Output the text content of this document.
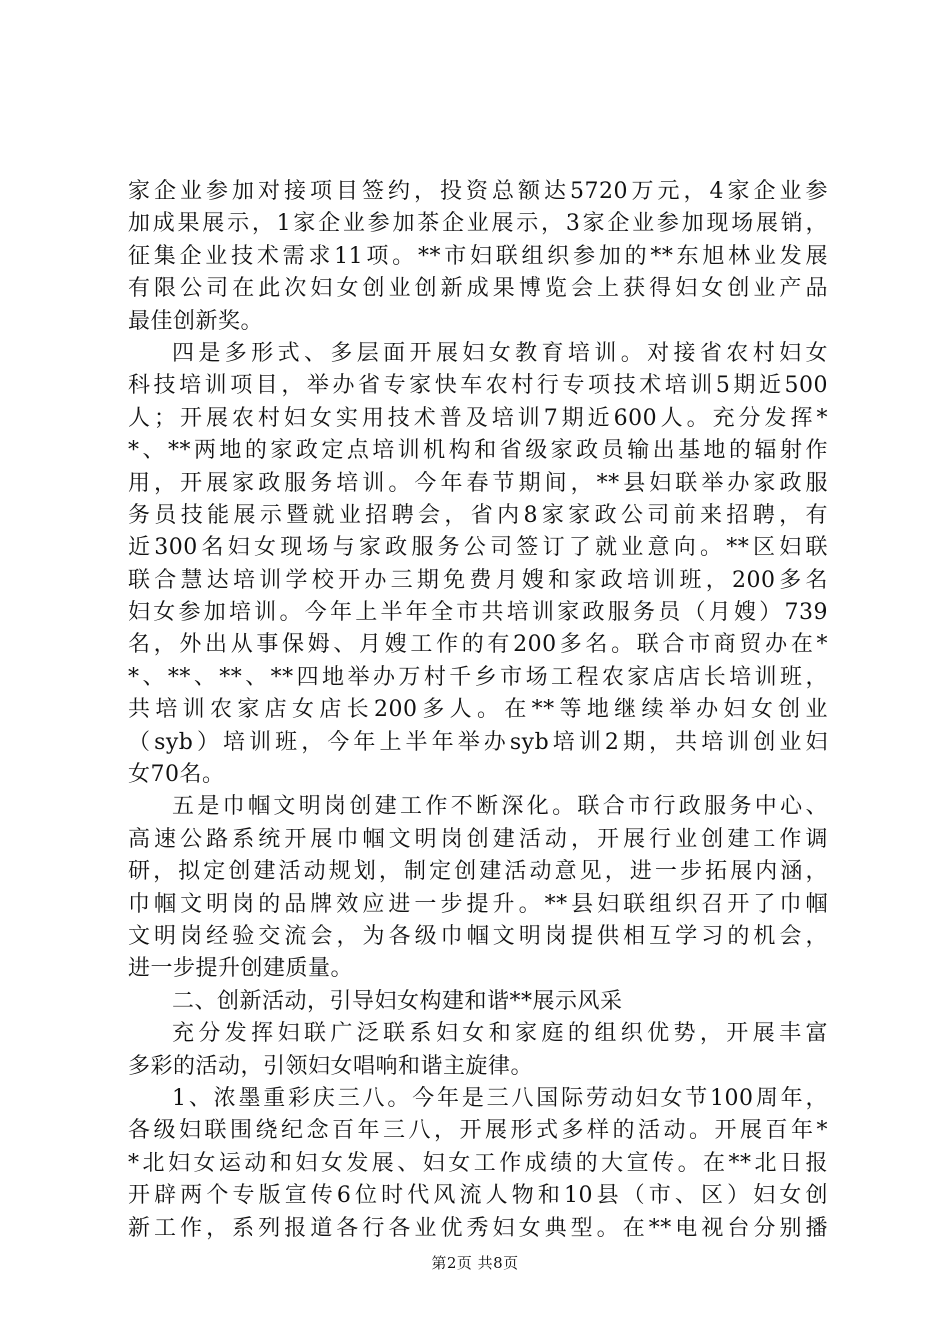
家企业参加对接项目签约，投资总额达5720万元，4家企业参
加成果展示，1家企业参加茶企业展示，3家企业参加现场展销，
征集企业技术需求11项。**市妇联组织参加的**东旭林业发展
有限公司在此次妇女创业创新成果博览会上获得妇女创业产品
最佳创新奖。
四是多形式、多层面开展妇女教育培训。对接省农村妇女
科技培训项目，举办省专家快车农村行专项技术培训5期近500
人；开展农村妇女实用技术普及培训7期近600人。充分发挥*
*、**两地的家政定点培训机构和省级家政员输出基地的辐射作
用，开展家政服务培训。今年春节期间，**县妇联举办家政服
务员技能展示暨就业招聘会，省内8家家政公司前来招聘，有
近300名妇女现场与家政服务公司签订了就业意向。**区妇联
联合慧达培训学校开办三期免费月嫂和家政培训班，200多名
妇女参加培训。今年上半年全市共培训家政服务员（月嫂）739
名，外出从事保姆、月嫂工作的有200多名。联合市商贸办在*
*、**、**、**四地举办万村千乡市场工程农家店店长培训班，
共培训农家店女店长200多人。在**等地继续举办妇女创业
（syb）培训班，今年上半年举办syb培训2期，共培训创业妇
女70名。
五是巾帼文明岗创建工作不断深化。联合市行政服务中心、
高速公路系统开展巾帼文明岗创建活动，开展行业创建工作调
研，拟定创建活动规划，制定创建活动意见，进一步拓展内涵，
巾帼文明岗的品牌效应进一步提升。**县妇联组织召开了巾帼
文明岗经验交流会，为各级巾帼文明岗提供相互学习的机会，
进一步提升创建质量。
二、创新活动，引导妇女构建和谐**展示风采
充分发挥妇联广泛联系妇女和家庭的组织优势，开展丰富
多彩的活动，引领妇女唱响和谐主旋律。
1、浓墨重彩庆三八。今年是三八国际劳动妇女节100周年，
各级妇联围绕纪念百年三八，开展形式多样的活动。开展百年*
*北妇女运动和妇女发展、妇女工作成绩的大宣传。在**北日报
开辟两个专版宣传6位时代风流人物和10县（市、区）妇女创
新工作，系列报道各行各业优秀妇女典型。在**电视台分别播
第2页 共8页
